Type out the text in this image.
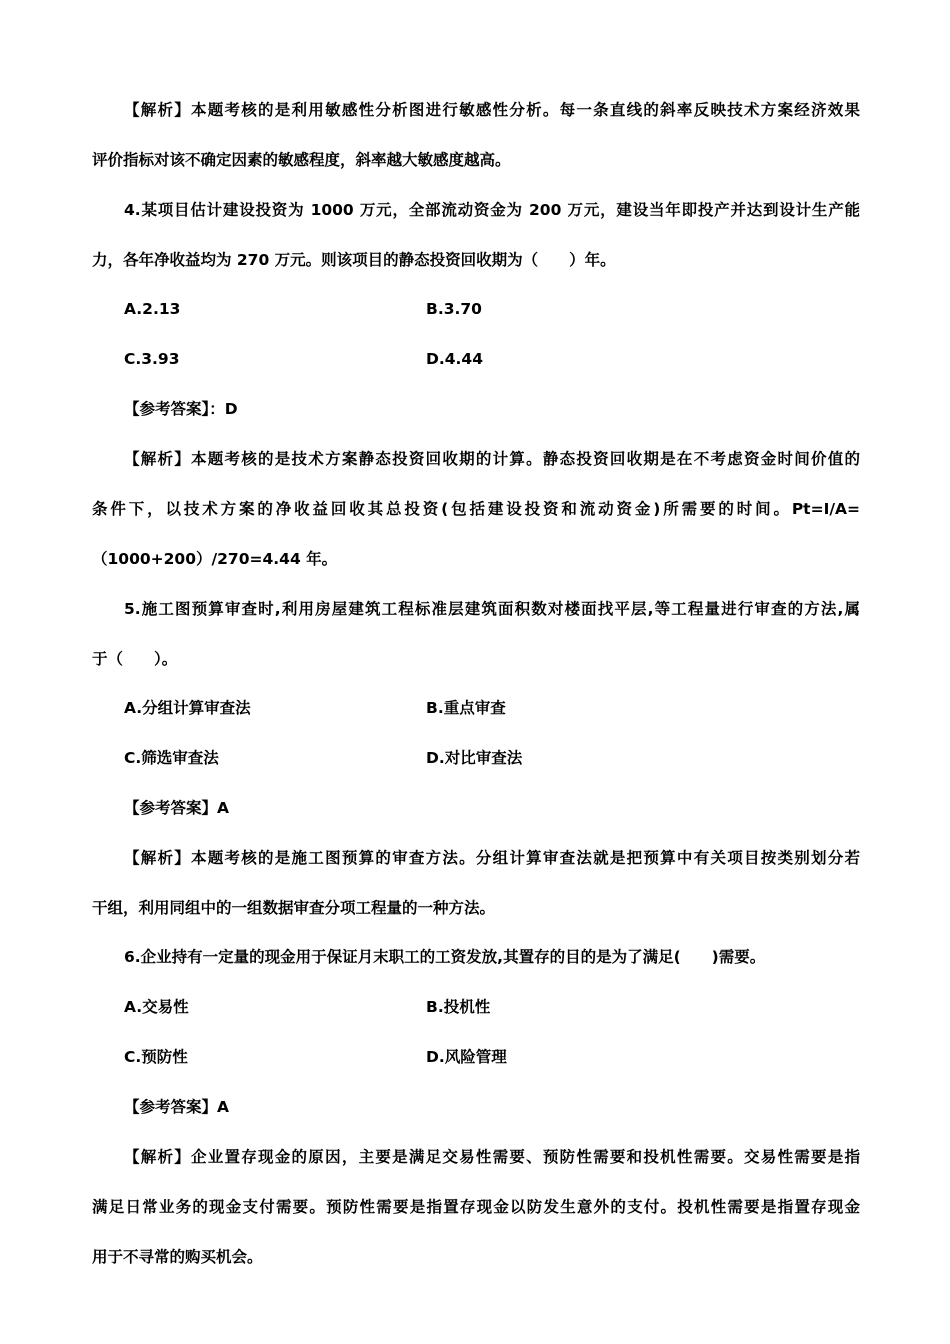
【解析】本题考核的是利用敏感性分析图进行敏感性分析。每一条直线的斜率反映技术方案经济效果
评价指标对该不确定因素的敏感程度，斜率越大敏感度越高。
4.某项目估计建设投资为 1000 万元，全部流动资金为 200 万元，建设当年即投产并达到设计生产能
力，各年净收益均为 270 万元。则该项目的静态投资回收期为（　　）年。
A.2.13	B.3.70
C.3.93	D.4.44
【参考答案】：D
【解析】本题考核的是技术方案静态投资回收期的计算。静态投资回收期是在不考虑资金时间价值的
条件下，以技术方案的净收益回收其总投资(包括建设投资和流动资金)所需要的时间。Pt=I/A=
（1000+200）/270=4.44 年。
5.施工图预算审查时,利用房屋建筑工程标准层建筑面积数对楼面找平层,等工程量进行审查的方法,属
于（　　）。
A.分组计算审查法	B.重点审查
C.筛选审查法	D.对比审查法
【参考答案】A
【解析】本题考核的是施工图预算的审查方法。分组计算审查法就是把预算中有关项目按类别划分若
干组，利用同组中的一组数据审查分项工程量的一种方法。
6.企业持有一定量的现金用于保证月末职工的工资发放,其置存的目的是为了满足(　　)需要。
A.交易性	B.投机性
C.预防性	D.风险管理
【参考答案】A
【解析】企业置存现金的原因，主要是满足交易性需要、预防性需要和投机性需要。交易性需要是指
满足日常业务的现金支付需要。预防性需要是指置存现金以防发生意外的支付。投机性需要是指置存现金
用于不寻常的购买机会。
